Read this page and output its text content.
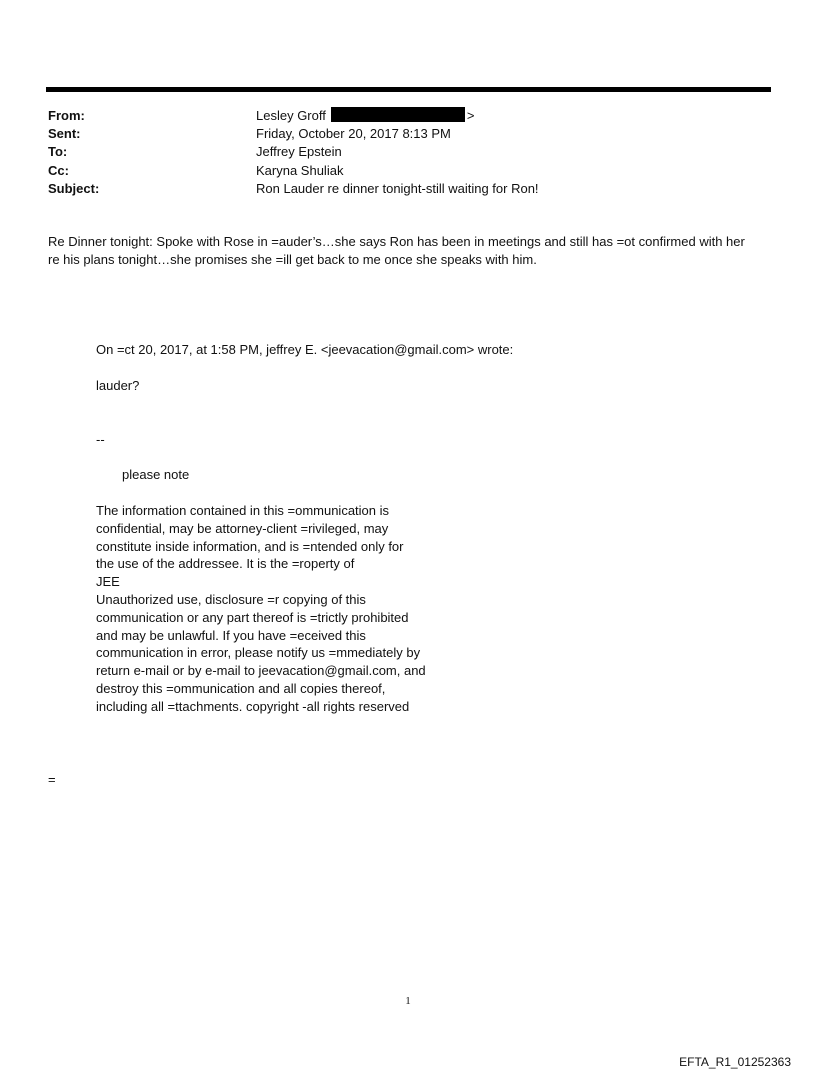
From:	Lesley Groff	>
Sent:	Friday, October 20, 2017 8:13 PM
To:	Jeffrey Epstein
Cc:	Karyna Shuliak
Subject:	Ron Lauder re dinner tonight-still waiting for Ron!
Re Dinner tonight: Spoke with Rose in =auder’s…she says Ron has been in meetings and still has =ot confirmed with her
re his plans tonight…she promises she =ill get back to me once she speaks with him.
On =ct 20, 2017, at 1:58 PM, jeffrey E. <jeevacation@gmail.com> wrote:
lauder?
--
please note
The information contained in this =ommunication is
confidential, may be attorney-client =rivileged, may
constitute inside information, and is =ntended only for
the use of the addressee. It is the =roperty of
JEE
Unauthorized use, disclosure =r copying of this
communication or any part thereof is =trictly prohibited
and may be unlawful. If you have =eceived this
communication in error, please notify us =mmediately by
return e-mail or by e-mail to jeevacation@gmail.com, and
destroy this =ommunication and all copies thereof,
including all =ttachments. copyright -all rights reserved
=
1
EFTA_R1_01252363
